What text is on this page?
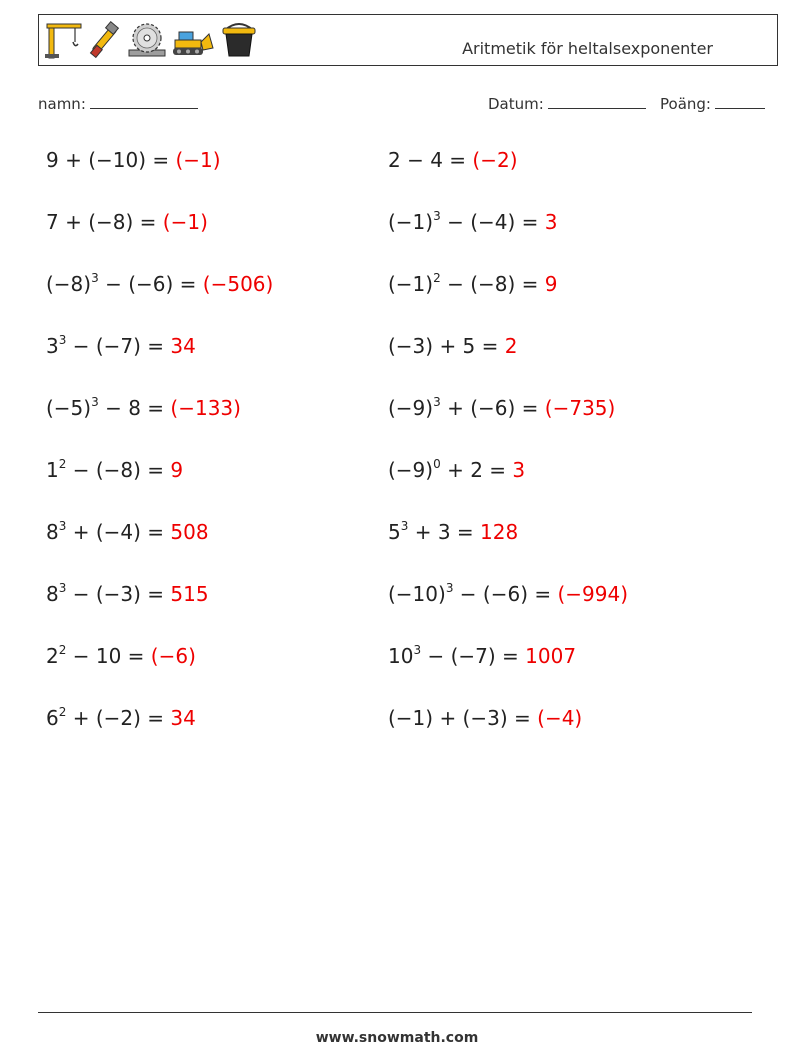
Aritmetik för heltalsexponenter
namn:	Datum:	Poäng:
9 + (−10) = (−1)	2 − 4 = (−2)
7 + (−8) = (−1)	$(-1)^3 - (-4) = 3$
$(-8)^3 - (-6) = (-506)$	$(-1)^2 - (-8) = 9$
$3^3 - (-7) = 34$	(−3) + 5 = 2
$(-5)^3 - 8 = (-133)$	$(-9)^3 + (-6) = (-735)$
$1^2 - (-8) = 9$	$(-9)^0 + 2 = 3$
$8^3 + (-4) = 508$	$5^3 + 3 = 128$
$8^3 - (-3) = 515$	$(-10)^3 - (-6) = (-994)$
$2^2 - 10 = (-6)$	$10^3 - (-7) = 1007$
$6^2 + (-2) = 34$	(−1) + (−3) = (−4)
www.snowmath.com
